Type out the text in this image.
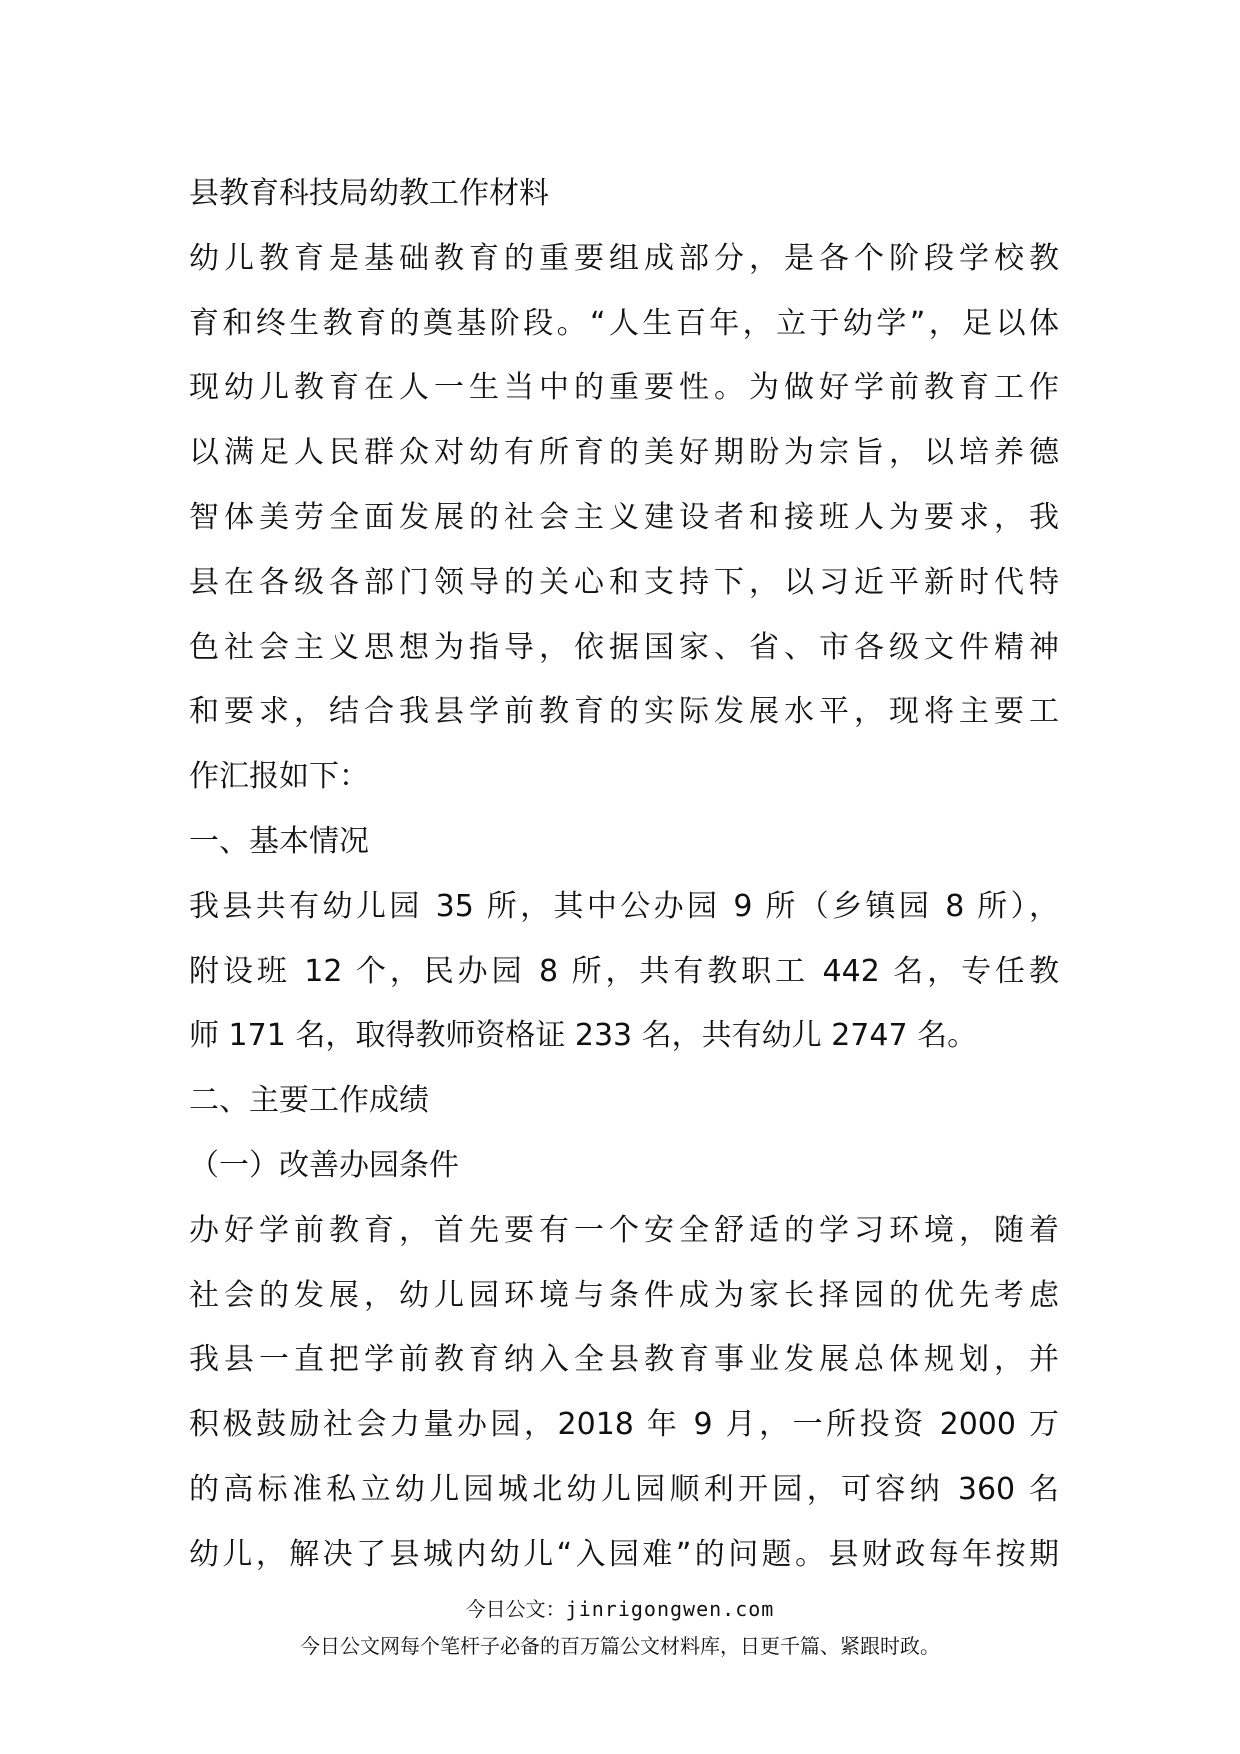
县教育科技局幼教工作材料
幼儿教育是基础教育的重要组成部分，是各个阶段学校教
育和终生教育的奠基阶段。“人生百年，立于幼学”，足以体
现幼儿教育在人一生当中的重要性。为做好学前教育工作
以满足人民群众对幼有所育的美好期盼为宗旨，以培养德
智体美劳全面发展的社会主义建设者和接班人为要求，我
县在各级各部门领导的关心和支持下，以习近平新时代特
色社会主义思想为指导，依据国家、省、市各级文件精神
和要求，结合我县学前教育的实际发展水平，现将主要工
作汇报如下：
一、基本情况
我县共有幼儿园 35 所，其中公办园 9 所（乡镇园 8 所），
附设班 12 个，民办园 8 所，共有教职工 442 名，专任教
师 171 名，取得教师资格证 233 名，共有幼儿 2747 名。
二、主要工作成绩
（一）改善办园条件
办好学前教育，首先要有一个安全舒适的学习环境，随着
社会的发展，幼儿园环境与条件成为家长择园的优先考虑
我县一直把学前教育纳入全县教育事业发展总体规划，并
积极鼓励社会力量办园，2018 年 9 月，一所投资 2000 万
的高标准私立幼儿园城北幼儿园顺利开园，可容纳 360 名
幼儿，解决了县城内幼儿“入园难”的问题。县财政每年按期
今日公文：jinrigongwen.com
今日公文网每个笔杆子必备的百万篇公文材料库，日更千篇、紧跟时政。
